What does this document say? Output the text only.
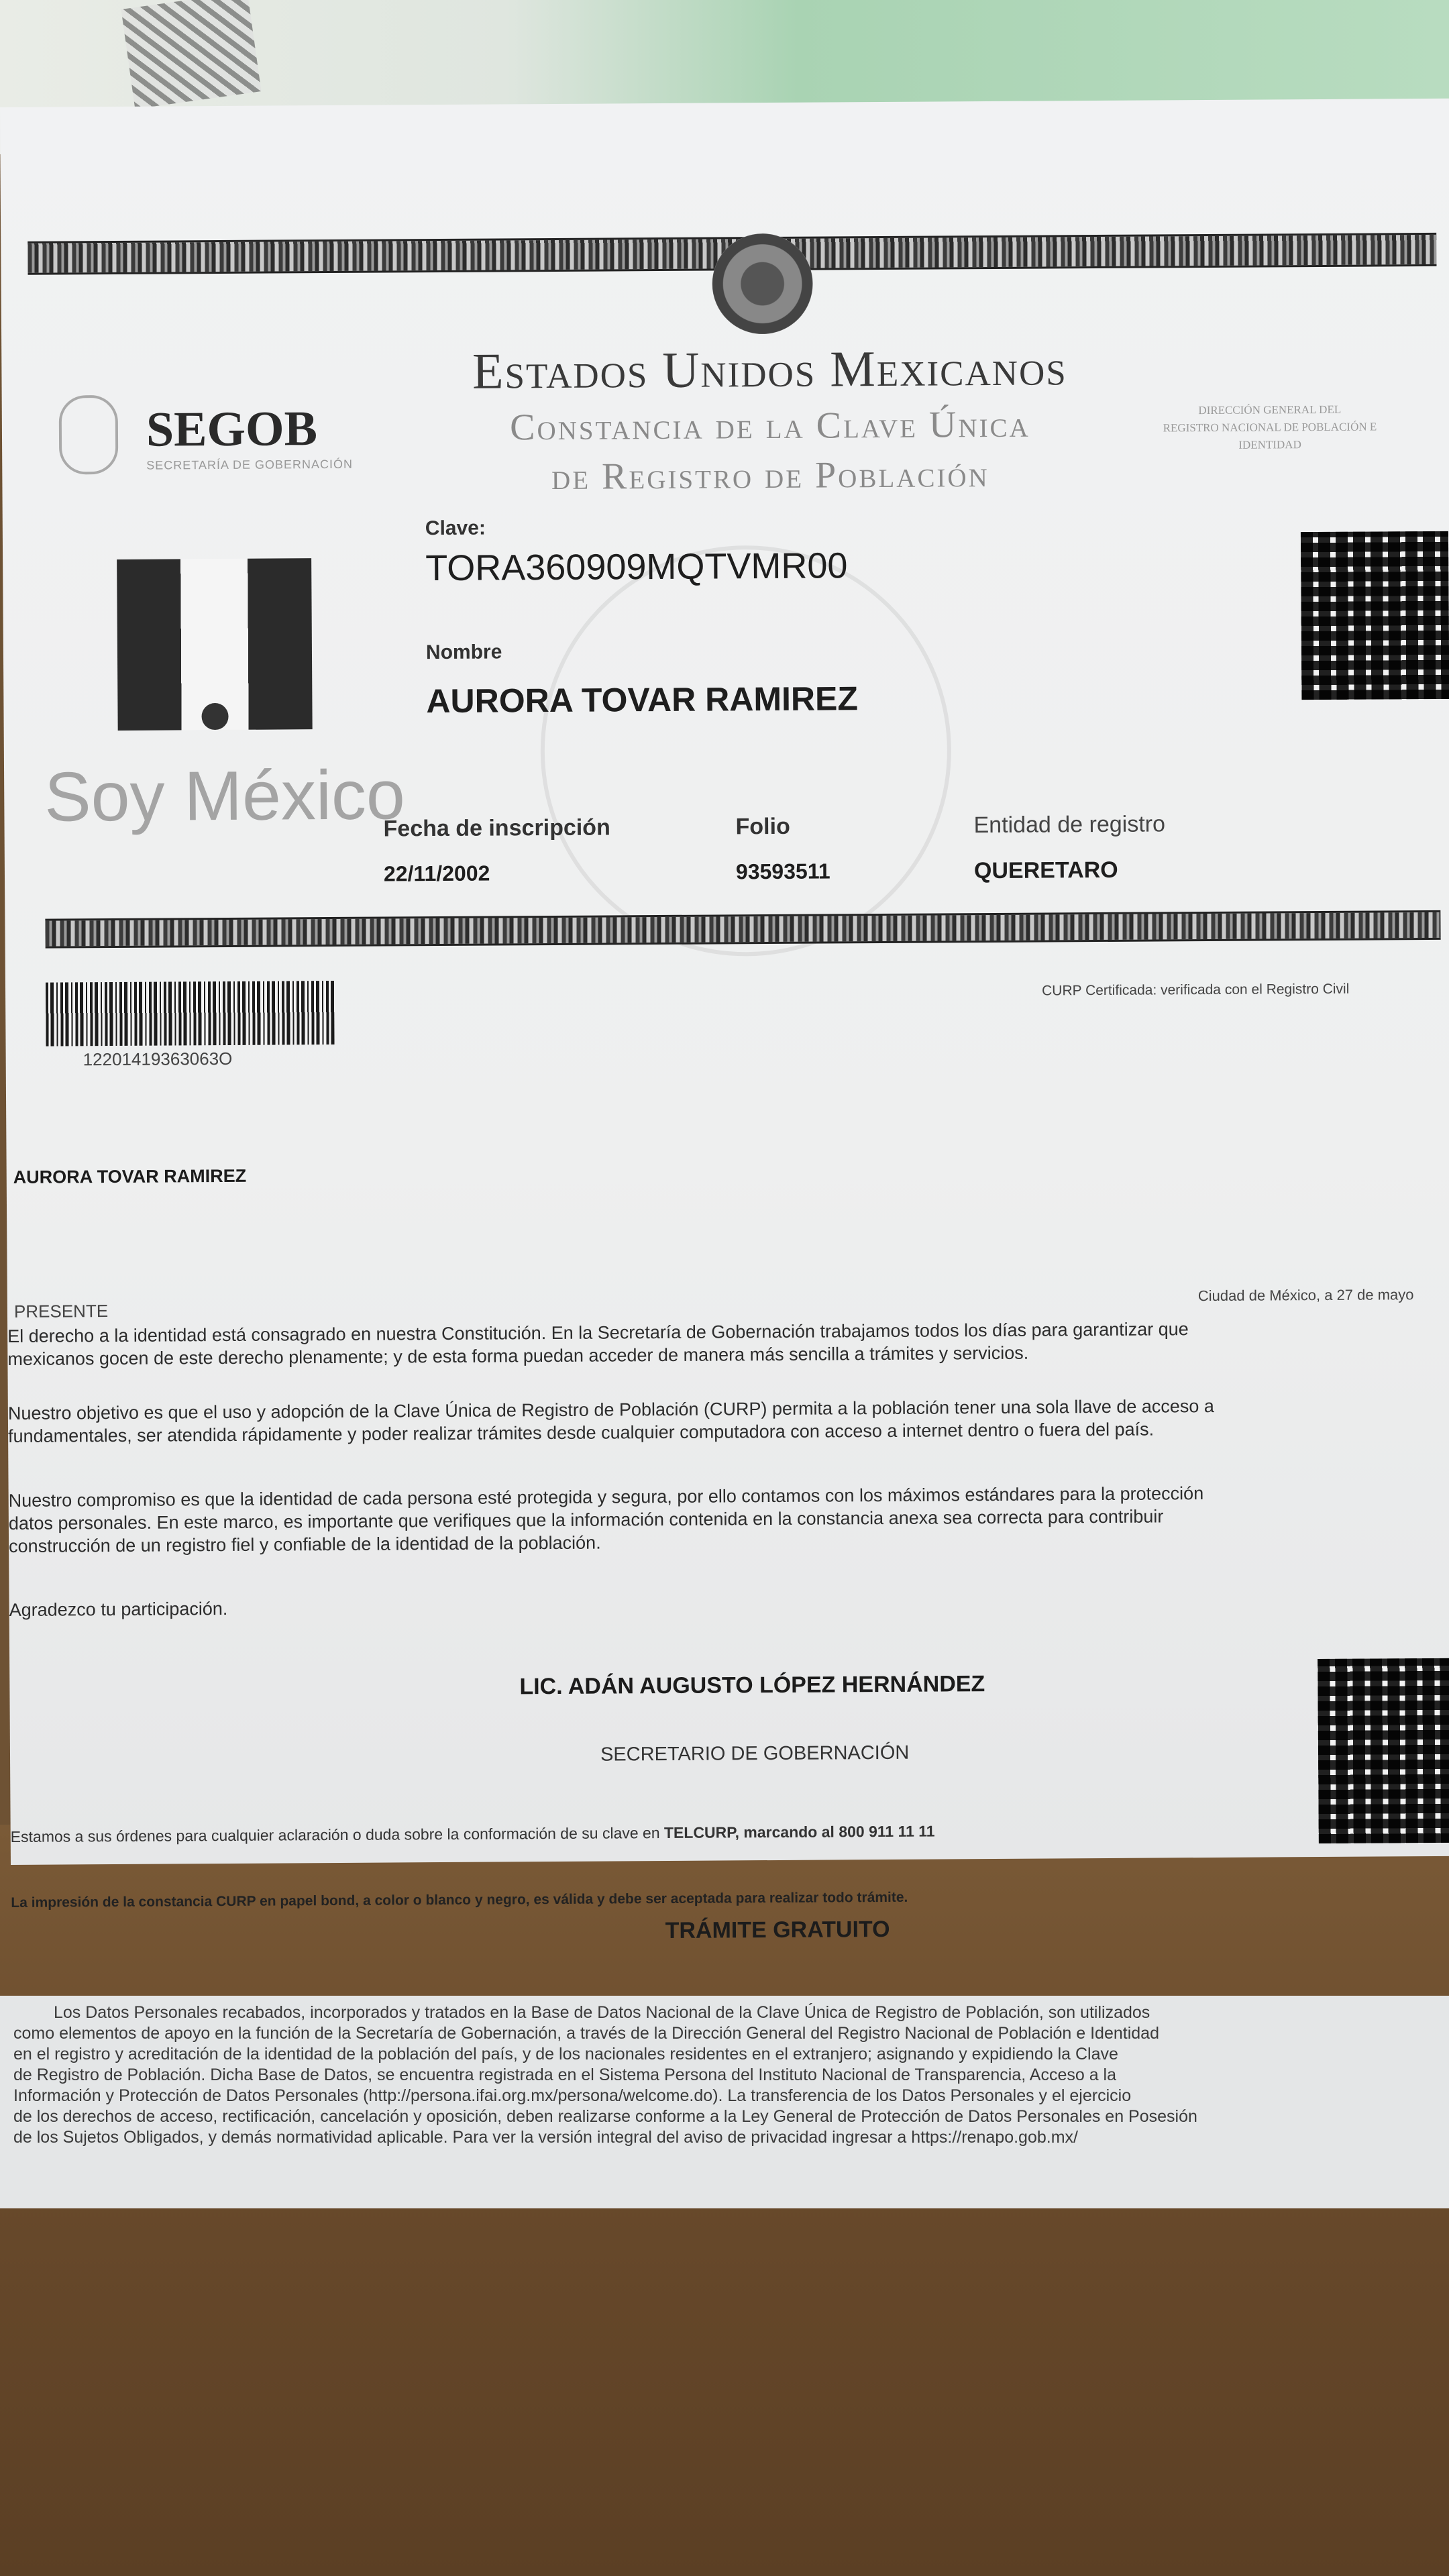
Estados Unidos Mexicanos
Constancia de la Clave Única
de Registro de Población
SEGOB
SECRETARÍA DE GOBERNACIÓN
DIRECCIÓN GENERAL DEL
REGISTRO NACIONAL DE POBLACIÓN E
IDENTIDAD
Clave:
TORA360909MQTVMR00
Nombre
AURORA TOVAR RAMIREZ
Soy México
Fecha de inscripción
22/11/2002
Folio
93593511
Entidad de registro
QUERETARO
12201419363063O
CURP Certificada: verificada con el Registro Civil
AURORA TOVAR RAMIREZ
PRESENTE
Ciudad de México, a 27 de mayo
El derecho a la identidad está consagrado en nuestra Constitución. En la Secretaría de Gobernación trabajamos todos los días para garantizar que
mexicanos gocen de este derecho plenamente; y de esta forma puedan acceder de manera más sencilla a trámites y servicios.
Nuestro objetivo es que el uso y adopción de la Clave Única de Registro de Población (CURP) permita a la población tener una sola llave de acceso a
fundamentales, ser atendida rápidamente y poder realizar trámites desde cualquier computadora con acceso a internet dentro o fuera del país.
Nuestro compromiso es que la identidad de cada persona esté protegida y segura, por ello contamos con los máximos estándares para la protección
datos personales. En este marco, es importante que verifiques que la información contenida en la constancia anexa sea correcta para contribuir
construcción de un registro fiel y confiable de la identidad de la población.
Agradezco tu participación.
LIC. ADÁN AUGUSTO LÓPEZ HERNÁNDEZ
SECRETARIO DE GOBERNACIÓN
Estamos a sus órdenes para cualquier aclaración o duda sobre la conformación de su clave en TELCURP, marcando al 800 911 11 11
La impresión de la constancia CURP en papel bond, a color o blanco y negro, es válida y debe ser aceptada para realizar todo trámite.
TRÁMITE GRATUITO
Los Datos Personales recabados, incorporados y tratados en la Base de Datos Nacional de la Clave Única de Registro de Población, son utilizados
como elementos de apoyo en la función de la Secretaría de Gobernación, a través de la Dirección General del Registro Nacional de Población e Identidad
en el registro y acreditación de la identidad de la población del país, y de los nacionales residentes en el extranjero; asignando y expidiendo la Clave
de Registro de Población. Dicha Base de Datos, se encuentra registrada en el Sistema Persona del Instituto Nacional de Transparencia, Acceso a la
Información y Protección de Datos Personales (http://persona.ifai.org.mx/persona/welcome.do). La transferencia de los Datos Personales y el ejercicio
de los derechos de acceso, rectificación, cancelación y oposición, deben realizarse conforme a la Ley General de Protección de Datos Personales en Posesión
de los Sujetos Obligados, y demás normatividad aplicable. Para ver la versión integral del aviso de privacidad ingresar a https://renapo.gob.mx/
